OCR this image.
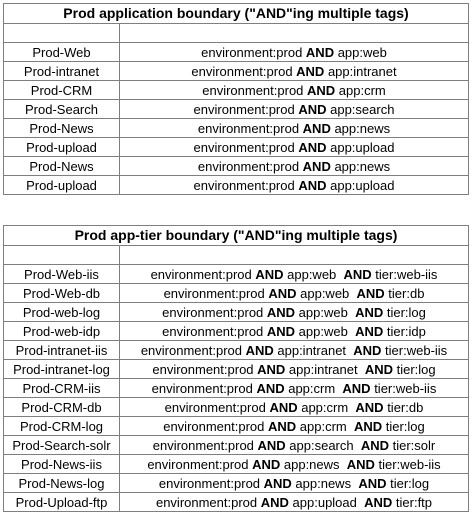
Prod application boundary ("AND"ing multiple tags)	

Prod-Web	environment:prod AND app:web
Prod-intranet	environment:prod AND app:intranet
Prod-CRM	environment:prod AND app:crm
Prod-Search	environment:prod AND app:search
Prod-News	environment:prod AND app:news
Prod-upload	environment:prod AND app:upload
Prod-News	environment:prod AND app:news
Prod-upload	environment:prod AND app:upload
Prod app-tier boundary ("AND"ing multiple tags)	

Prod-Web-iis	environment:prod AND app:web  AND tier:web-iis
Prod-Web-db	environment:prod AND app:web  AND tier:db
Prod-web-log	environment:prod AND app:web  AND tier:log
Prod-web-idp	environment:prod AND app:web  AND tier:idp
Prod-intranet-iis	environment:prod AND app:intranet  AND tier:web-iis
Prod-intranet-log	environment:prod AND app:intranet  AND tier:log
Prod-CRM-iis	environment:prod AND app:crm  AND tier:web-iis
Prod-CRM-db	environment:prod AND app:crm  AND tier:db
Prod-CRM-log	environment:prod AND app:crm  AND tier:log
Prod-Search-solr	environment:prod AND app:search  AND tier:solr
Prod-News-iis	environment:prod AND app:news  AND tier:web-iis
Prod-News-log	environment:prod AND app:news  AND tier:log
Prod-Upload-ftp	environment:prod AND app:upload  AND tier:ftp
